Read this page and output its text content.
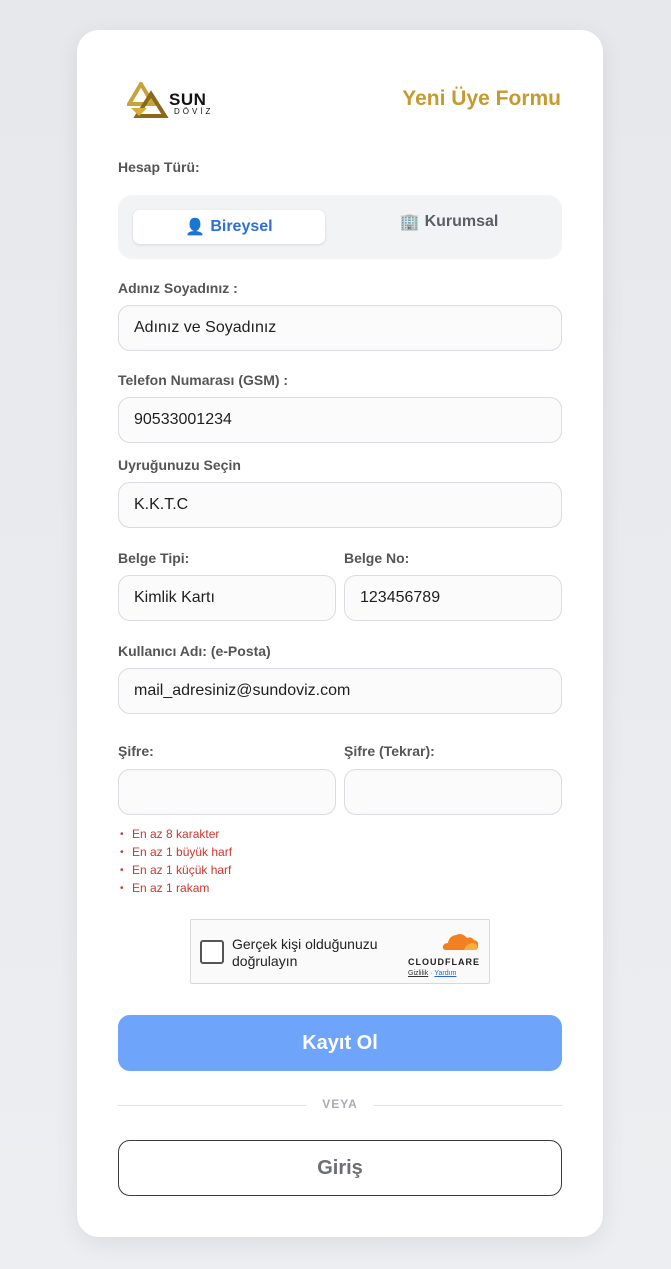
SUN
DÖVİZ
Yeni Üye Formu
Hesap Türü:
👤 Bireysel	🏢 Kurumsal
Adınız Soyadınız :
Adınız ve Soyadınız
Telefon Numarası (GSM) :
90533001234
Uyruğunuzu Seçin
K.K.T.C
Belge Tipi:	Belge No:
Kimlik Kartı	123456789
Kullanıcı Adı: (e-Posta)
mail_adresiniz@sundoviz.com
Şifre:	Şifre (Tekrar):
• En az 8 karakter
• En az 1 büyük harf
• En az 1 küçük harf
• En az 1 rakam
Gerçek kişi olduğunuzu doğrulayın	CLOUDFLARE
Gizlilik · Yardım
Kayıt Ol
VEYA
Giriş
